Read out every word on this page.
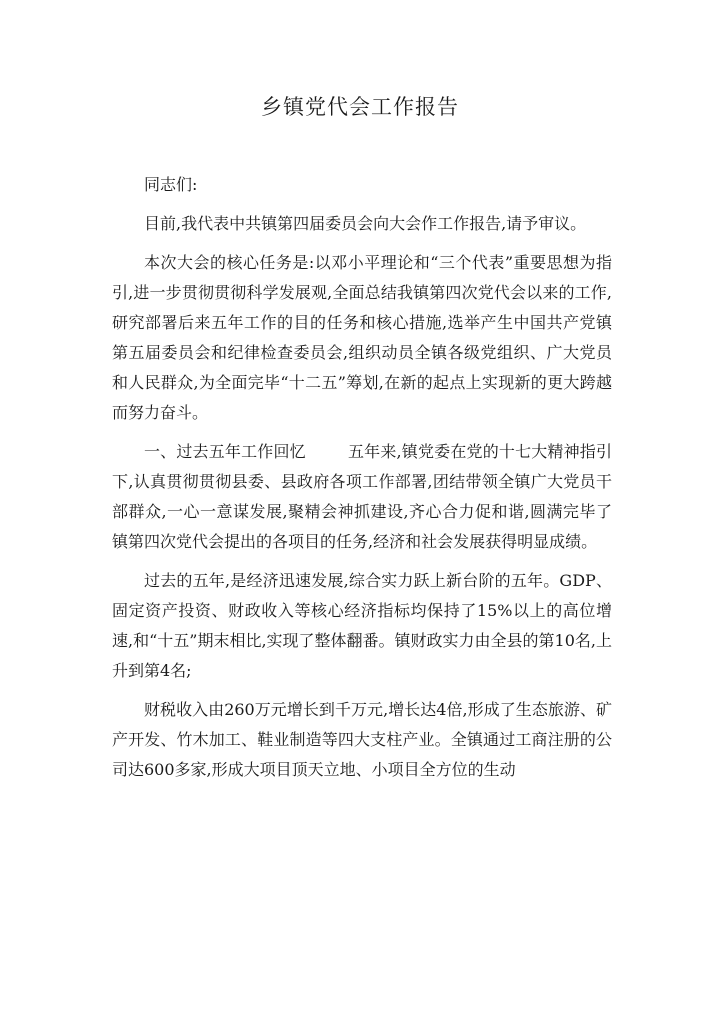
乡镇党代会工作报告

同志们:

目前,我代表中共镇第四届委员会向大会作工作报告,请予审议。

本次大会的核心任务是:以邓小平理论和“三个代表”重要思想为指引,进一步贯彻贯彻科学发展观,全面总结我镇第四次党代会以来的工作,研究部署后来五年工作的目的任务和核心措施,选举产生中国共产党镇第五届委员会和纪律检查委员会,组织动员全镇各级党组织、广大党员和人民群众,为全面完毕“十二五”筹划,在新的起点上实现新的更大跨越而努力奋斗。

一、过去五年工作回忆	五年来,镇党委在党的十七大精神指引下,认真贯彻贯彻县委、县政府各项工作部署,团结带领全镇广大党员干部群众,一心一意谋发展,聚精会神抓建设,齐心合力促和谐,圆满完毕了镇第四次党代会提出的各项目的任务,经济和社会发展获得明显成绩。

过去的五年,是经济迅速发展,综合实力跃上新台阶的五年。GDP、固定资产投资、财政收入等核心经济指标均保持了15%以上的高位增速,和“十五”期末相比,实现了整体翻番。镇财政实力由全县的第10名,上升到第4名;

财税收入由260万元增长到千万元,增长达4倍,形成了生态旅游、矿产开发、竹木加工、鞋业制造等四大支柱产业。全镇通过工商注册的公司达600多家,形成大项目顶天立地、小项目全方位的生动
